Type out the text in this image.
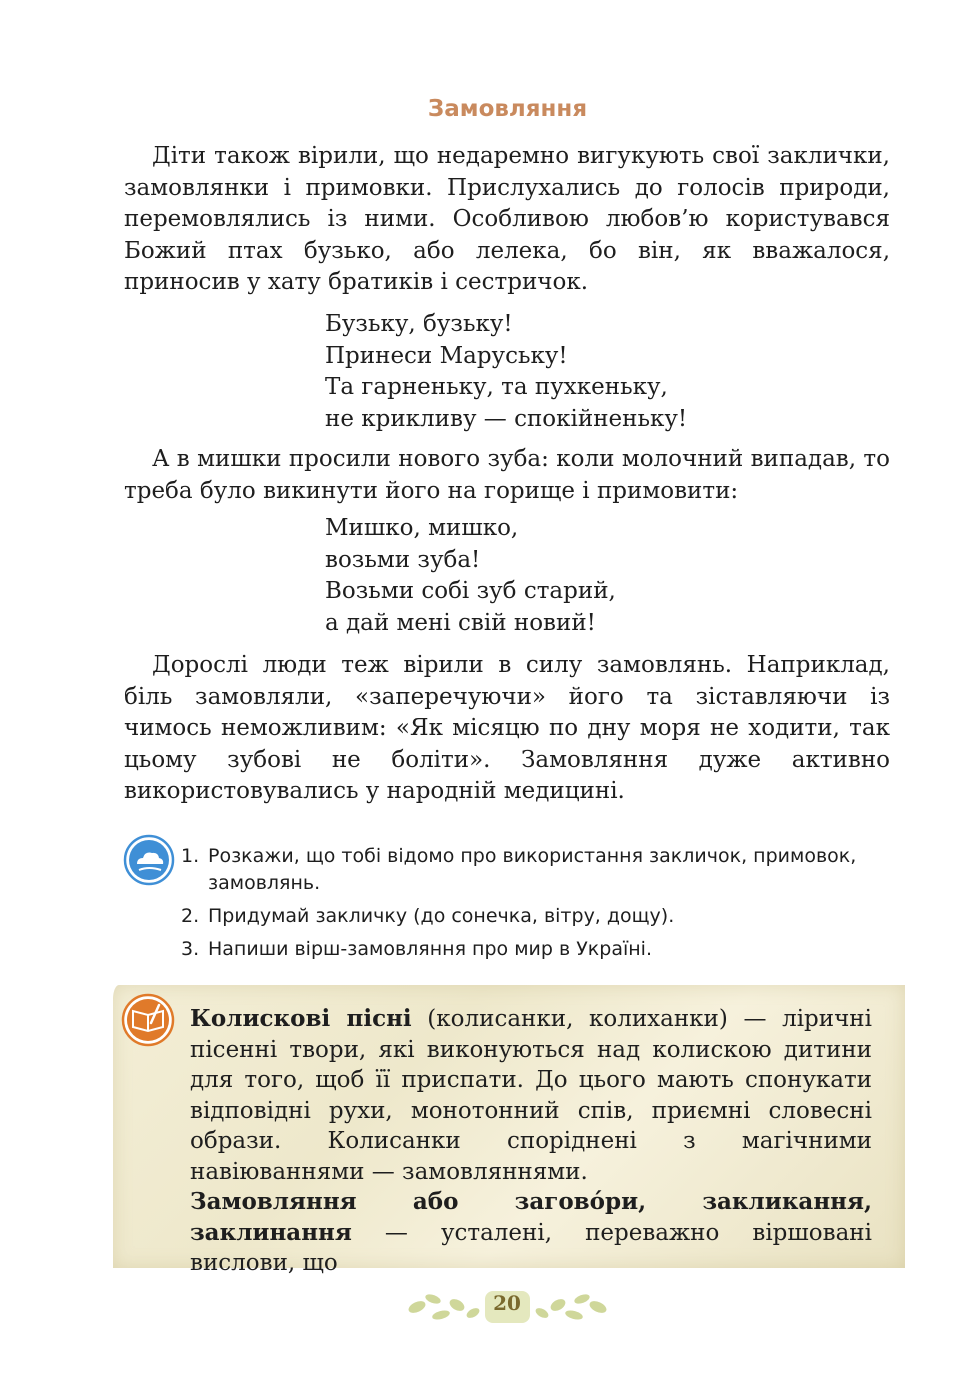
Замовляння

Діти також вірили, що недаремно вигукують свої заклички, замовлянки і примовки. Прислухались до голосів природи, перемовлялись із ними. Особливою любов’ю користувався Божий птах бузько, або лелека, бо він, як вважалося, приносив у хату братиків і сестричок.

Бузьку, бузьку!
Принеси Маруську!
Та гарненьку, та пухкеньку,
не крикливу — спокійненьку!

А в мишки просили нового зуба: коли молочний випадав, то треба було викинути його на горище і примовити:

Мишко, мишко,
возьми зуба!
Возьми собі зуб старий,
а дай мені свій новий!

Дорослі люди теж вірили в силу замовлянь. Наприклад, біль замовляли, «заперечуючи» його та зіставляючи із чимось неможливим: «Як місяцю по дну моря не ходити, так цьому зубові не боліти». Замовляння дуже активно використовувались у народній медицині.

1. Розкажи, що тобі відомо про використання закличок, примовок, замовлянь.
2. Придумай закличку (до сонечка, вітру, дощу).
3. Напиши вірш-замовляння про мир в Україні.

Колискові пісні (колисанки, колиханки) — ліричні пісенні твори, які виконуються над колискою дитини для того, щоб її приспати. До цього мають спонукати відповідні рухи, монотонний спів, приємні словесні образи. Колисанки споріднені з магічними навіюваннями — замовляннями.
Замовляння або заговóри, закликання, заклинання — усталені, переважно віршовані вислови, що

20
